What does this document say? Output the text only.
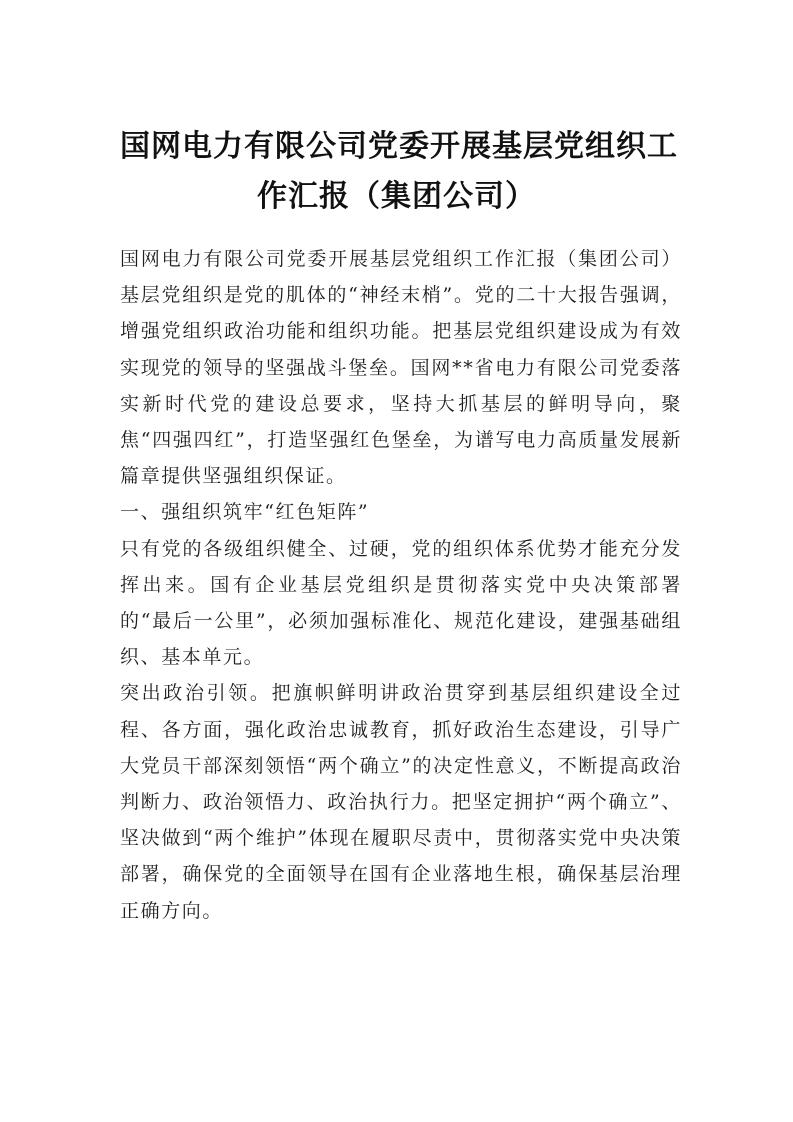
国网电力有限公司党委开展基层党组织工
作汇报（集团公司）

国网电力有限公司党委开展基层党组织工作汇报（集团公司）基层党组织是党的肌体的“神经末梢”。党的二十大报告强调，增强党组织政治功能和组织功能。把基层党组织建设成为有效实现党的领导的坚强战斗堡垒。国网**省电力有限公司党委落实新时代党的建设总要求，坚持大抓基层的鲜明导向，聚焦“四强四红”，打造坚强红色堡垒，为谱写电力高质量发展新篇章提供坚强组织保证。

一、强组织筑牢“红色矩阵”

只有党的各级组织健全、过硬，党的组织体系优势才能充分发挥出来。国有企业基层党组织是贯彻落实党中央决策部署的“最后一公里”，必须加强标准化、规范化建设，建强基础组织、基本单元。

突出政治引领。把旗帜鲜明讲政治贯穿到基层组织建设全过程、各方面，强化政治忠诚教育，抓好政治生态建设，引导广大党员干部深刻领悟“两个确立”的决定性意义，不断提高政治判断力、政治领悟力、政治执行力。把坚定拥护“两个确立”、坚决做到“两个维护”体现在履职尽责中，贯彻落实党中央决策部署，确保党的全面领导在国有企业落地生根，确保基层治理正确方向。
